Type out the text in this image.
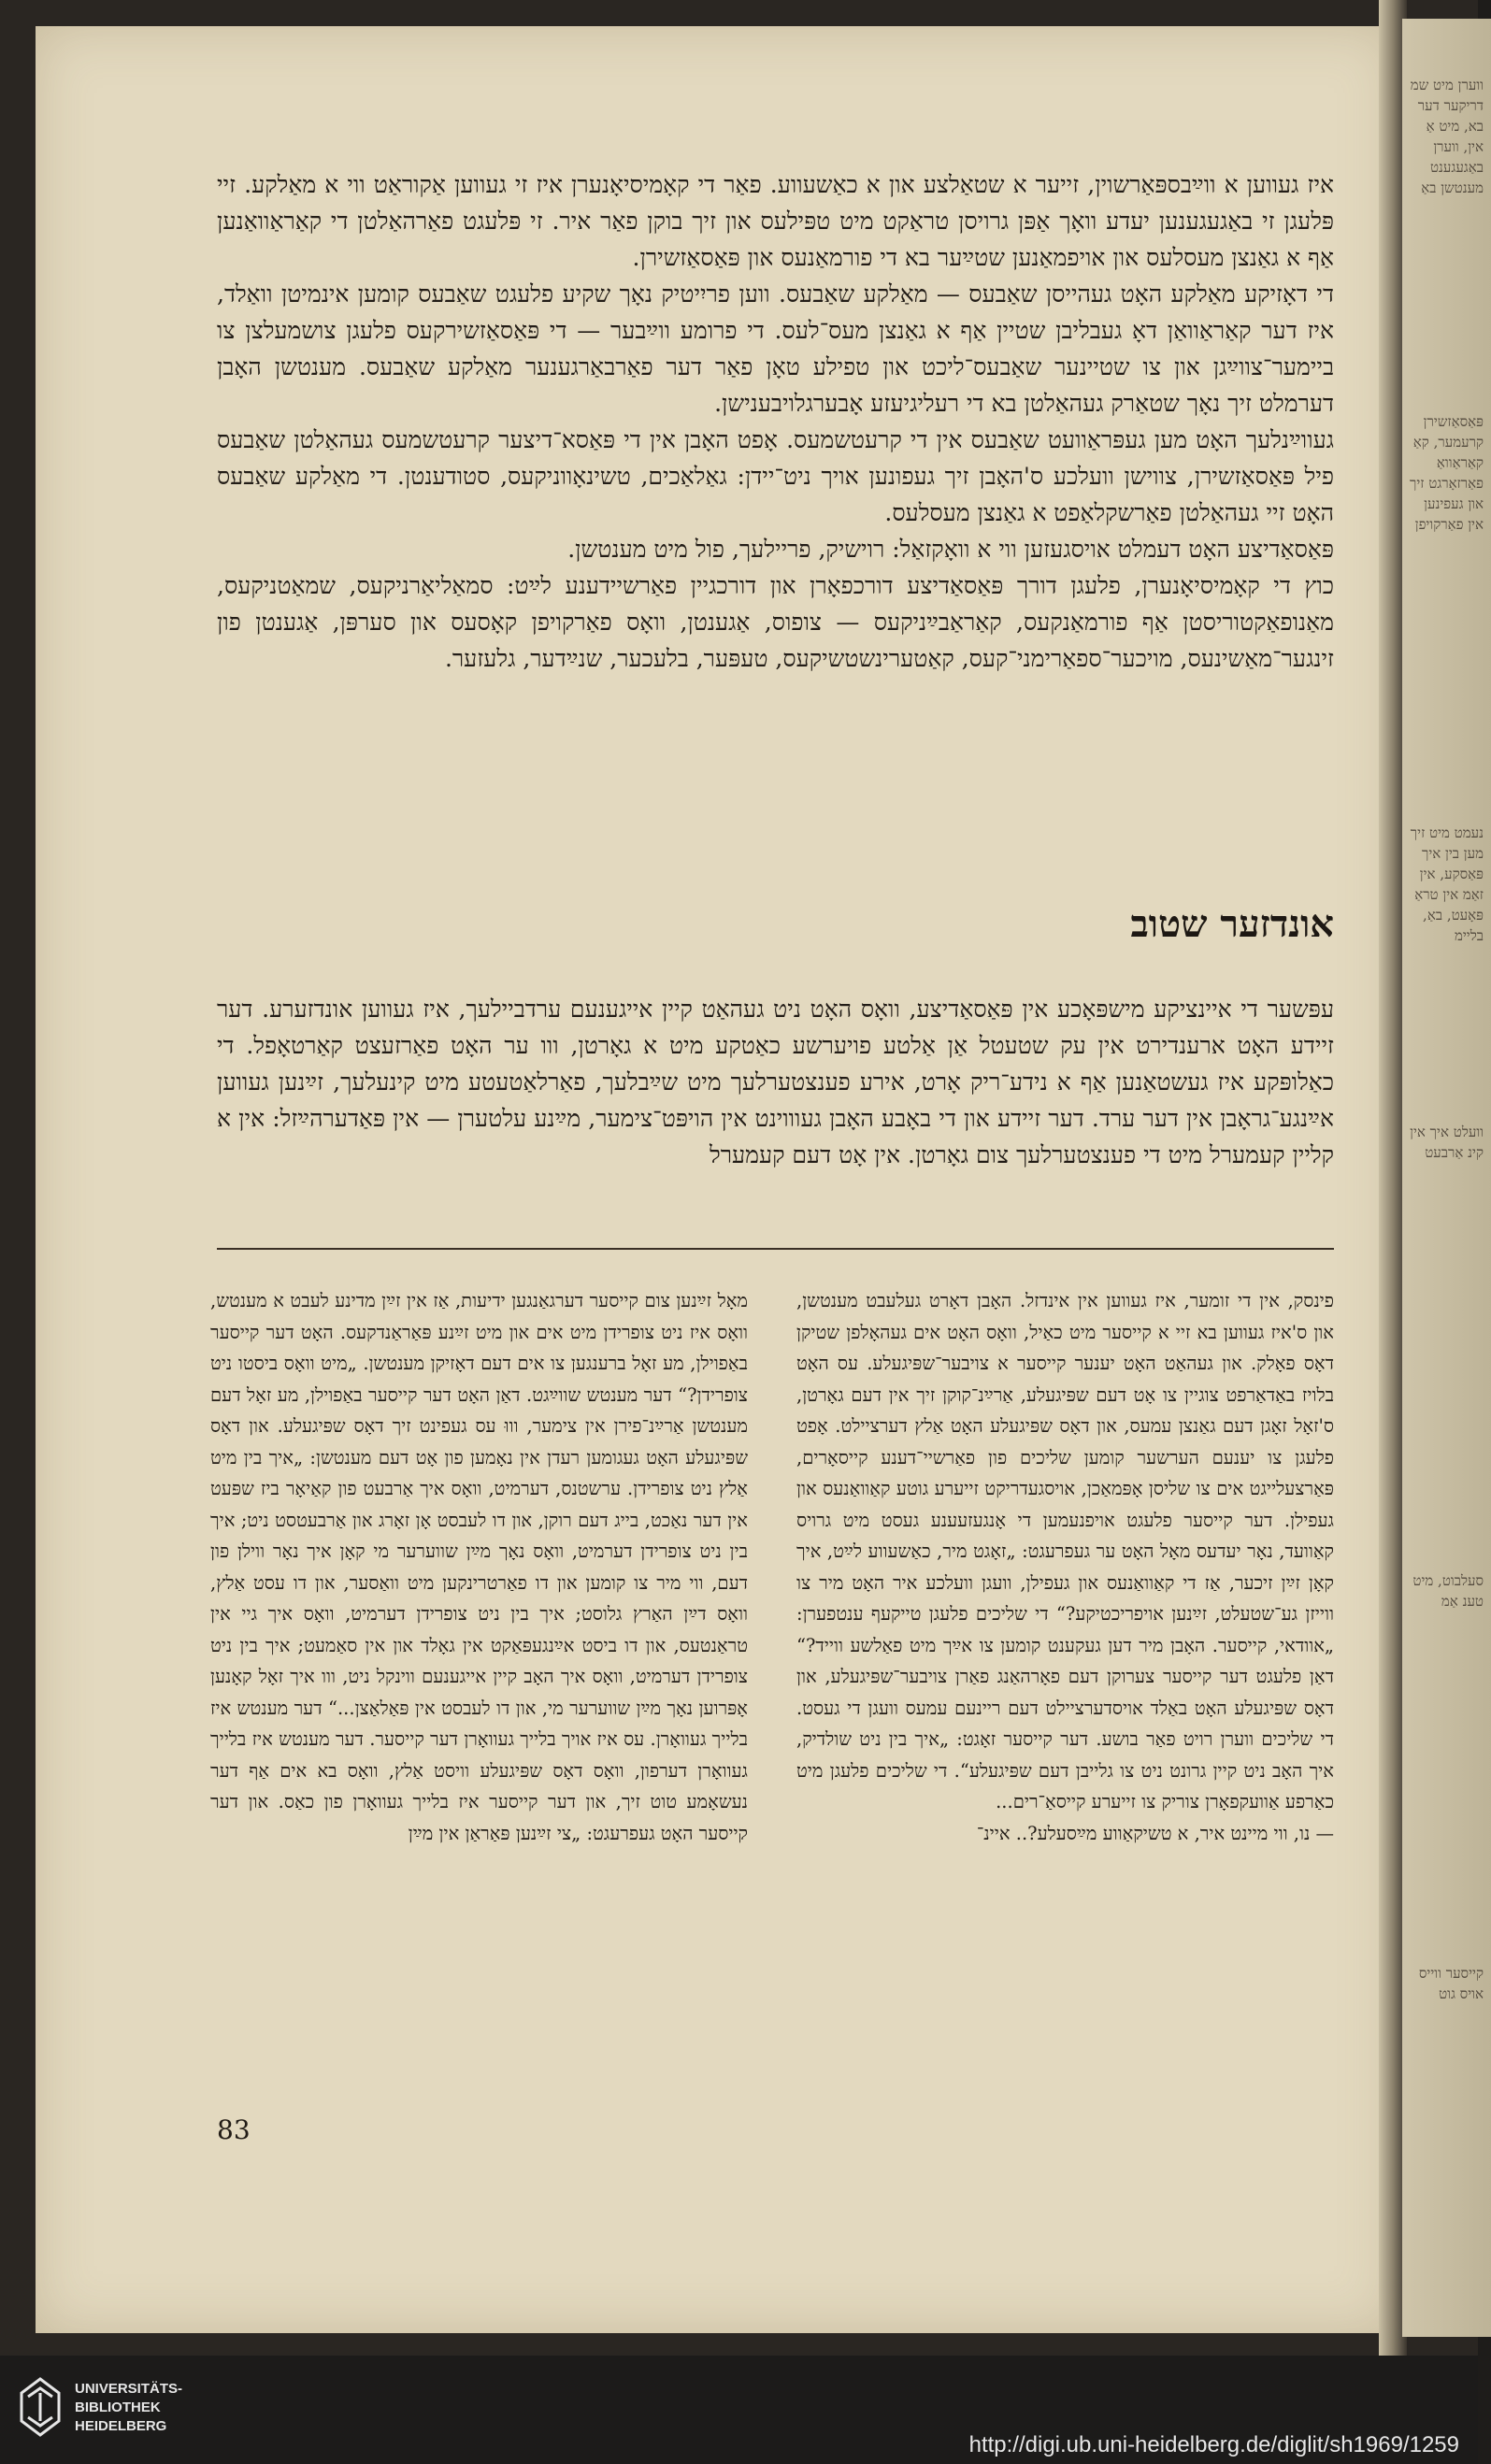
ווערן מיט שמ דריקער דער בא, מיט אַ אין, ווערן באַגעגענט מענטשן באַ
פּאַסאַזשירן קרעמער, קאַ קאַראַוואַ פאַרזאָרגט זיך און געפינען אין פאַרקויפן
נעמט מיט זיך מען בין איך פּאַסקע, אין זאַמ אין טראַ פּאָעט, באַ, בליימ
וועלט איך אין קינ אַרבעט
סעלבוט, מיט טענ אַמ
קייסער ווייס אויס גוט

איז געווען א ווײַבספּאַרשוין, זייער א שטאַלצע און א כאַשעווע. פאַר די קאָמיסיאָנערן איז זי געווען אַקוראַט ווי א מאַלקע. זיי פּלעגן זי באַגעגענען יעדע וואָך אַפּן גרויסן טראַקט מיט טפּילעס און זיך בוקן פאַר איר. זי פּלעגט פאַרהאַלטן די קאַראַוואַנען אַף א גאַנצן מעסלעס און אויפמאַנען שטײַער בא די פורמאַנעס און פּאַסאַזשירן.

די דאָזיקע מאַלקע האָט געהייסן שאַבעס — מאַלקע שאַבעס. ווען פריִיטיק נאָך שקיע פלעגט שאַבעס קומען אינמיטן וואַלד, איז דער קאַראַוואַן דאָ געבליבן שטיין אַף א גאַנצן מעס־לעס. די פרומע ווײַבער — די פּאַסאַזשירקעס פלעגן צושמעלצן צו ביימער־צווײַגן און צו שטיינער שאַבעס־ליכט און טפילע טאָן פאַר דער פאַרבאַרגענער מאַלקע שאַבעס. מענטשן האָבן דערמלט זיך נאָך שטאַרק געהאַלטן בא די רעליגיעזע אָבערגלויבענישן.

געווײַנלעך האָט מען געפּראַוועט שאַבעס אין די קרעטשמעס. אָפט האָבן אין די פּאַסא־דיצער קרעטשמעס געהאַלטן שאַבעס פיל פּאַסאַזשירן, צווישן וועלכע ס'האָבן זיך געפונען אויך ניט־יידן: גאַלאַכים, טשינאָווניקעס, סטודענטן. די מאַלקע שאַבעס האָט זיי געהאַלטן פאַרשקלאַפט א גאַנצן מעסלעס.

פּאַסאַדיצע האָט דעמלט אויסגעזען ווי א וואָקזאַל: רוישיק, פריילעך, פול מיט מענטשן.

כוץ די קאָמיסיאָנערן, פלעגן דורך פּאַסאַדיצע דורכפאָרן און דורכגיין פאַרשיידענע לײַט: סמאַליאַרניקעס, שמאַטניקעס, מאַנופאַקטוריסטן אַף פורמאַנקעס, קאַראַבײַניקעס — צופוס, אַגענטן, וואָס פאַרקויפן קאָסעס און סערפּן, אַגענטן פון זינגער־מאַשינעס, מויכער־ספאַרימני־קעס, קאַטערינשטשיקעס, טעפּער, בלעכער, שנײַדער, גלעזער.

אונדזער שטוב

עפּשער די איינציקע מישפּאָכע אין פּאַסאַדיצע, וואָס האָט ניט געהאַט קיין אייגענעם ערדביילעך, איז געווען אונדזערע. דער זיידע האָט ארענדירט אין עק שטעטל אַן אַלטע פויערשע כאַטקע מיט א גאָרטן, ווו ער האָט פאַרזעצט קאַרטאָפל. די כאַלופּקע איז געשטאַנען אַף א נידע־ריק אָרט, אירע פענצטערלעך מיט שײַבלעך, פאַרלאַטעטע מיט קינעלעך, זײַנען געווען אײַנגע־גראָבן אין דער ערד. דער זיידע און די באָבע האָבן געוווינט אין הויפּט־צימער, מײַנע עלטערן — אין פּאַדערהײַזל: אין א קליין קעמערל מיט די פענצטערלעך צום גאָרטן. אין אָט דעם קעמערל

פינסק, אין די זומער, איז געווען אין אינדזל. האָבן דאָרט געלעבט מענטשן, און ס'איז געווען בא זיי א קייסער מיט כאַיל, וואָס האָט אים געהאָלפן שטיקן דאָס פאָלק. און געהאַט האָט יענער קייסער א צויבער־שפּיגעלע. עס האָט בלויז באַדאַרפט צוגיין צו אָט דעם שפּיגעלע, אַרײַנ־קוקן זיך אין דעם גאָרטן, ס'זאָל זאָגן דעם גאַנצן עמעס, און דאָס שפּיגעלע האָט אַלץ דערציילט. אָפט פלעגן צו יענעם הערשער קומען שליכים פון פאַרשיי־דענע קייסאָרים, פּאַרצעלייגט אים צו שליסן אָפּמאַכן, אויסגעדריקט זייערע גוטע קאַוואַנעס און געפילן. דער קייסער פלעגט אויפנעמען די אָנגעזעענע געסט מיט גרויס קאַוועד, נאָר יעדעס מאָל האָט ער געפרעגט: „זאָגט מיר, כאַשעווע לײַט, איך קאָן זײַן זיכער, אַז די קאַוואַנעס און געפילן, וועגן וועלכע איר האָט מיר צו ווייזן גע־שטעלט, זײַנען אויפריכטיקע?“ די שליכים פלעגן טייקעף ענטפערן: „אוודאי, קייסער. האָבן מיר דען געקענט קומען צו אײַך מיט פאַלשע ווייד?“ דאַן פלעגט דער קייסער צערוקן דעם פאָרהאַנג פאַרן צויבער־שפּיגעלע, און דאָס שפּיגעלע האָט באַלד אויסדערציילט דעם ריינעם עמעס וועגן די געסט. די שליכים ווערן רויט פאַר בושע. דער קייסער זאָגט: „איך בין ניט שולדיק, איך האָב ניט קיין גרונט ניט צו גלייבן דעם שפּיגעלע“. די שליכים פלעגן מיט כאַרפע אַוועקפאָרן צוריק צו זייערע קייסאַ־רים...
— נו, ווי מיינט איר, א טשיקאַווע מײַסעלע?.. איינ־
מאָל זײַנען צום קייסער דערגאַנגען ידיעות, אַז אין זײַן מדינע לעבט א מענטש, וואָס איז ניט צופרידן מיט אים און מיט זײַנע פּאַראַנדקעס. האָט דער קייסער באַפוילן, מע זאָל ברענגען צו אים דעם דאָזיקן מענטשן. „מיט וואָס ביסטו ניט צופרידן?“ דער מענטש שווײַגט. דאַן האָט דער קייסער באַפוילן, מע זאָל דעם מענטשן אַרײַנ־פירן אין צימער, וווּ עס געפינט זיך דאָס שפּיגעלע. און דאָס שפּיגעלע האָט געגומען רעדן אין נאָמען פון אָט דעם מענטשן: „איך בין מיט אַלץ ניט צופרידן. ערשטנס, דערמיט, וואָס איך אַרבעט פון קאַיאָר ביז שפּעט אין דער נאַכט, בייג דעם רוקן, און דו לעבסט אָן זאָרג און אַרבעטסט ניט; איך בין ניט צופרידן דערמיט, וואָס נאָך מײַן שווערער מי קאָן איך נאָר ווילן פון דעם, ווי מיר צו קומען און דו פאַרטרינקען מיט וואַסער, און דו עסט אַלץ, וואָס דײַן האַרץ גלוסט; איך בין ניט צופרידן דערמיט, וואָס איך גיי אין טראַנטעס, און דו ביסט אײַנגעפּאַקט אין גאָלד און אין סאַמעט; איך בין ניט צופרידן דערמיט, וואָס איך האָב קיין אייגענעם ווינקל ניט, ווו איך זאָל קאָנען אָפּרוען נאָך מײַן שווערער מי, און דו לעבסט אין פּאַלאַצן...“ דער מענטש איז בלייך געוואָרן. עס איז אויך בלייך געוואָרן דער קייסער. דער מענטש איז בלייך געוואָרן דערפון, וואָס דאָס שפּיגעלע וויסט אַלץ, וואָס בא אים אַף דער נעשאָמע טוט זיך, און דער קייסער איז בלייך געוואָרן פון כאַס. און דער קייסער האָט געפרעגט: „צי זײַנען פּאַראַן אין מײַן
83
UNIVERSITÄTS-
BIBLIOTHEK
HEIDELBERG
http://digi.ub.uni-heidelberg.de/diglit/sh1969/1259
